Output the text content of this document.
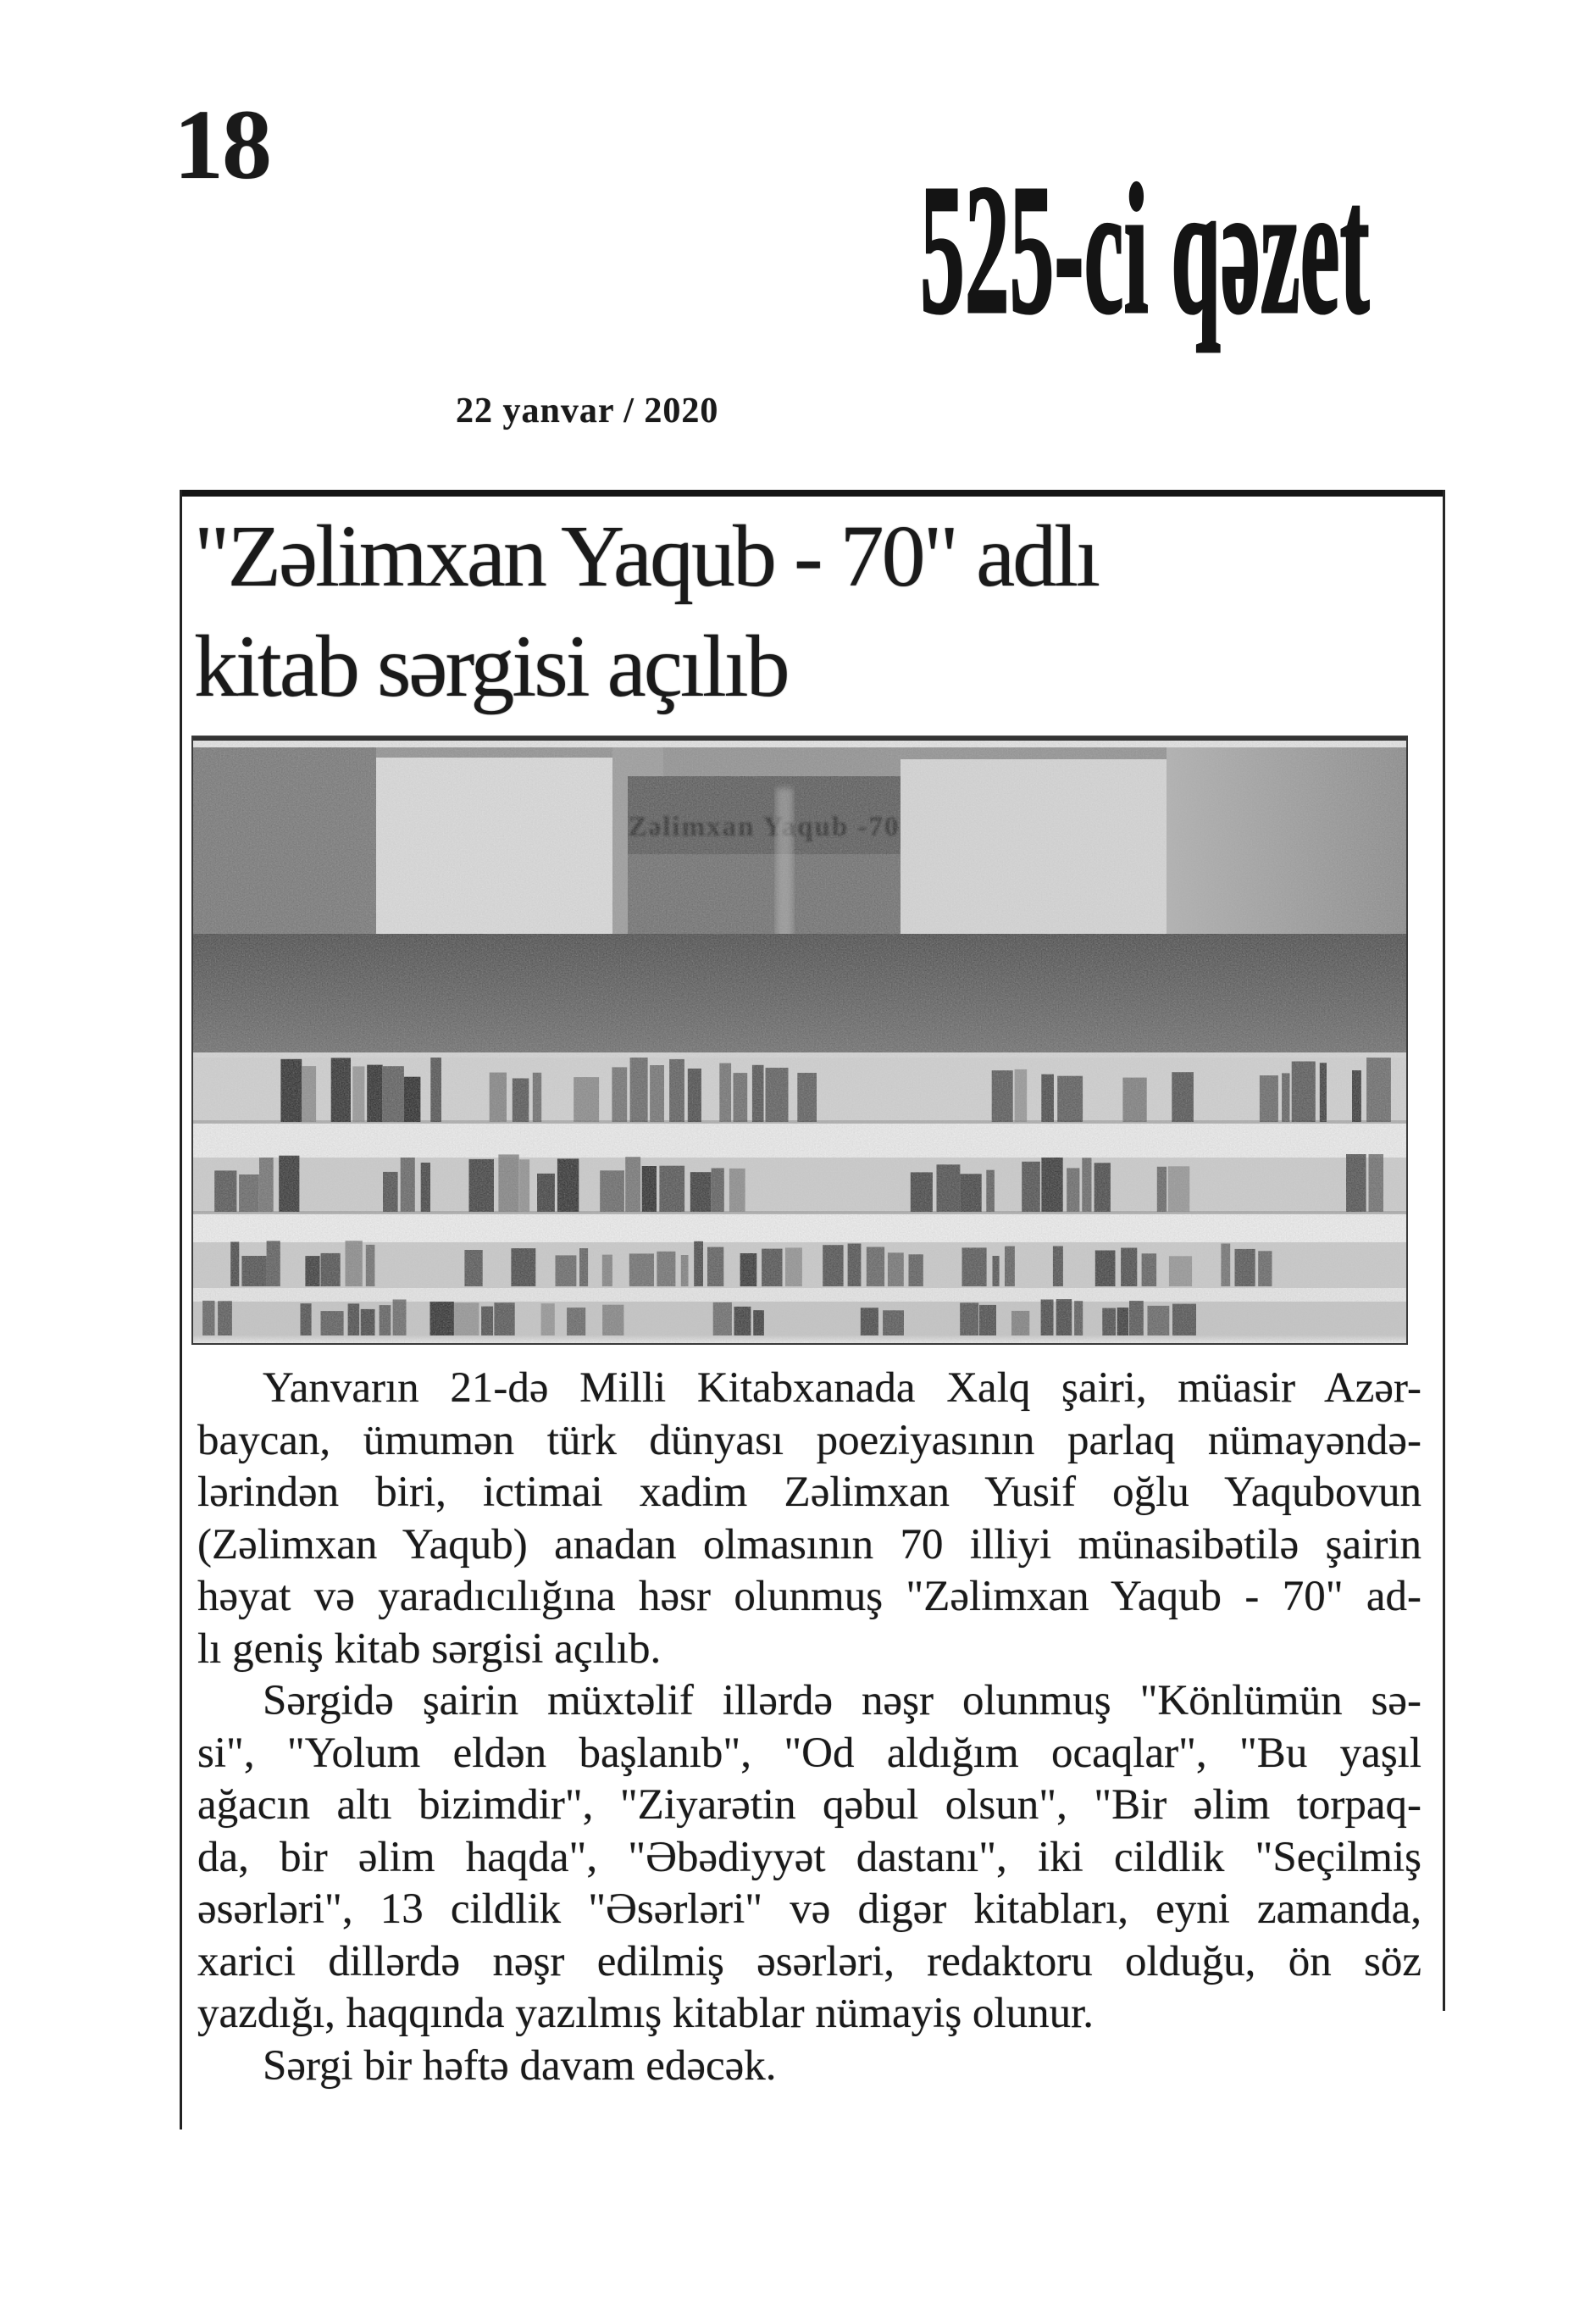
18
525-ci qəzet
22 yanvar / 2020
"Zəlimxan Yaqub - 70" adlı
kitab sərgisi açılıb
Yanvarın 21-də Milli Kitabxanada Xalq şairi, müasir Azər-
baycan, ümumən türk dünyası poeziyasının parlaq nümayəndə-
lərindən biri, ictimai xadim Zəlimxan Yusif oğlu Yaqubovun
(Zəlimxan Yaqub) anadan olmasının 70 illiyi münasibətilə şairin
həyat və yaradıcılığına həsr olunmuş "Zəlimxan Yaqub - 70" ad-
lı geniş kitab sərgisi açılıb.
Sərgidə şairin müxtəlif illərdə nəşr olunmuş "Könlümün sə-
si", "Yolum eldən başlanıb", "Od aldığım ocaqlar", "Bu yaşıl
ağacın altı bizimdir", "Ziyarətin qəbul olsun", "Bir əlim torpaq-
da, bir əlim haqda", "Əbədiyyət dastanı", iki cildlik "Seçilmiş
əsərləri", 13 cildlik "Əsərləri" və digər kitabları, eyni zamanda,
xarici dillərdə nəşr edilmiş əsərləri, redaktoru olduğu, ön söz
yazdığı, haqqında yazılmış kitablar nümayiş olunur.
Sərgi bir həftə davam edəcək.
